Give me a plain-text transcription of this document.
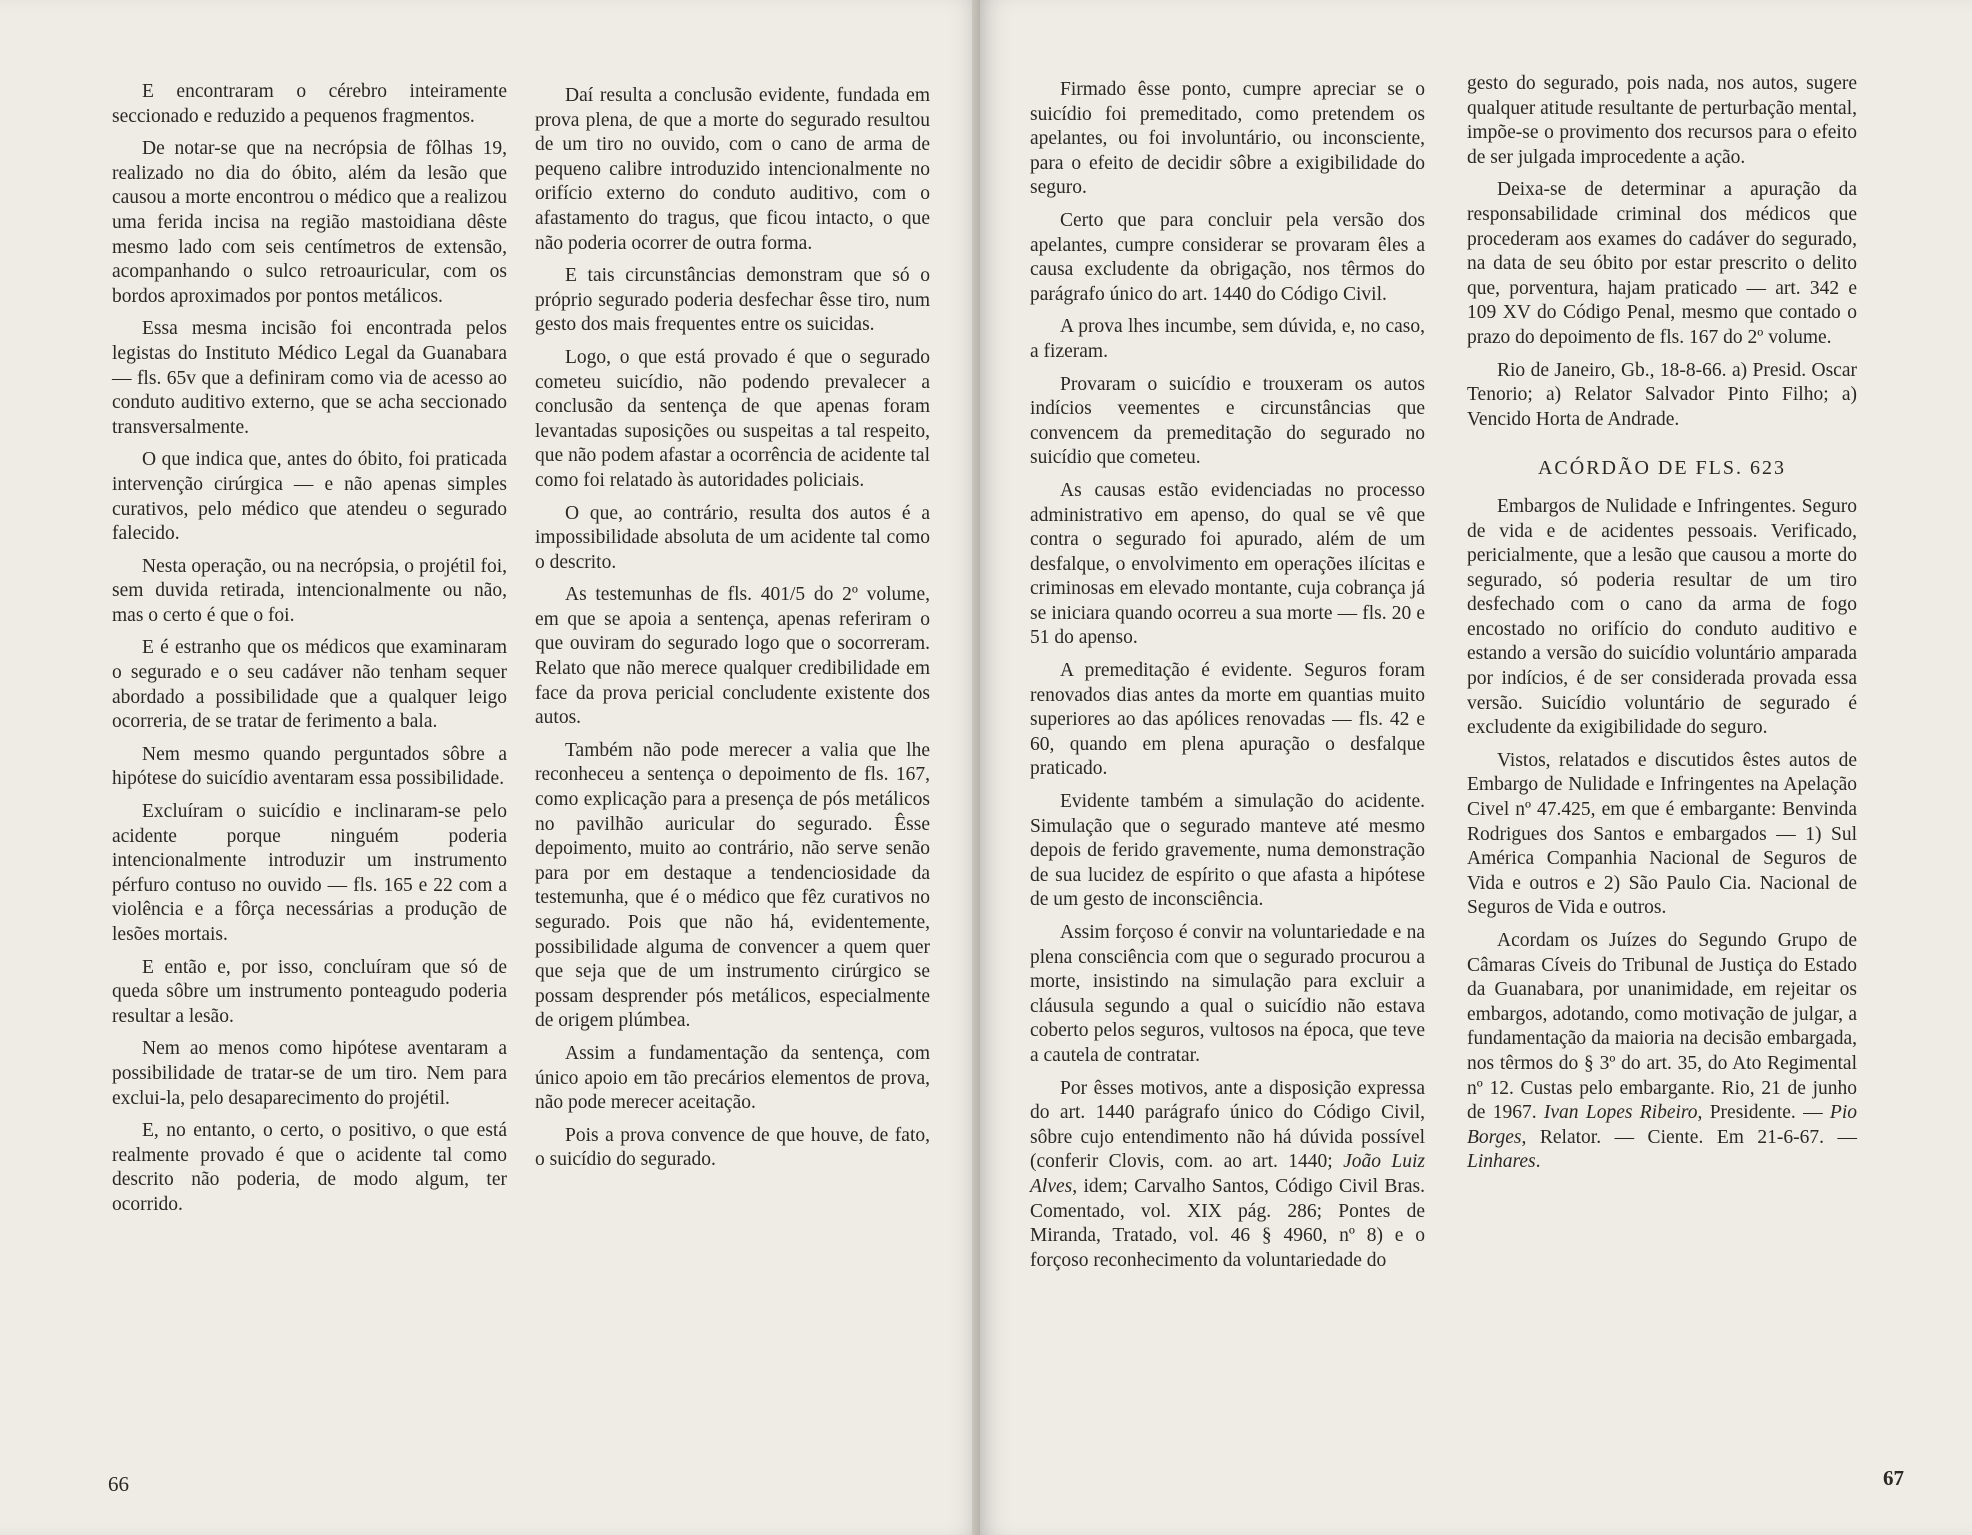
E encontraram o cérebro inteiramente seccionado e reduzido a pequenos fragmentos.

De notar-se que na necrópsia de fôlhas 19, realizado no dia do óbito, além da lesão que causou a morte encontrou o médico que a realizou uma ferida incisa na região mastoidiana dêste mesmo lado com seis centímetros de extensão, acompanhando o sulco retroauricular, com os bordos aproximados por pontos metálicos.

Essa mesma incisão foi encontrada pelos legistas do Instituto Médico Legal da Guanabara — fls. 65v que a definiram como via de acesso ao conduto auditivo externo, que se acha seccionado transversalmente.

O que indica que, antes do óbito, foi praticada intervenção cirúrgica — e não apenas simples curativos, pelo médico que atendeu o segurado falecido.

Nesta operação, ou na necrópsia, o projétil foi, sem duvida retirada, intencionalmente ou não, mas o certo é que o foi.

E é estranho que os médicos que examinaram o segurado e o seu cadáver não tenham sequer abordado a possibilidade que a qualquer leigo ocorreria, de se tratar de ferimento a bala.

Nem mesmo quando perguntados sôbre a hipótese do suicídio aventaram essa possibilidade.

Excluíram o suicídio e inclinaram-se pelo acidente porque ninguém poderia intencionalmente introduzir um instrumento pérfuro contuso no ouvido — fls. 165 e 22 com a violência e a fôrça necessárias a produção de lesões mortais.

E então e, por isso, concluíram que só de queda sôbre um instrumento ponteagudo poderia resultar a lesão.

Nem ao menos como hipótese aventaram a possibilidade de tratar-se de um tiro. Nem para exclui-la, pelo desaparecimento do projétil.

E, no entanto, o certo, o positivo, o que está realmente provado é que o acidente tal como descrito não poderia, de modo algum, ter ocorrido.

Daí resulta a conclusão evidente, fundada em prova plena, de que a morte do segurado resultou de um tiro no ouvido, com o cano de arma de pequeno calibre introduzido intencionalmente no orifício externo do conduto auditivo, com o afastamento do tragus, que ficou intacto, o que não poderia ocorrer de outra forma.

E tais circunstâncias demonstram que só o próprio segurado poderia desfechar êsse tiro, num gesto dos mais frequentes entre os suicidas.

Logo, o que está provado é que o segurado cometeu suicídio, não podendo prevalecer a conclusão da sentença de que apenas foram levantadas suposições ou suspeitas a tal respeito, que não podem afastar a ocorrência de acidente tal como foi relatado às autoridades policiais.

O que, ao contrário, resulta dos autos é a impossibilidade absoluta de um acidente tal como o descrito.

As testemunhas de fls. 401/5 do 2º volume, em que se apoia a sentença, apenas referiram o que ouviram do segurado logo que o socorreram. Relato que não merece qualquer credibilidade em face da prova pericial concludente existente dos autos.

Também não pode merecer a valia que lhe reconheceu a sentença o depoimento de fls. 167, como explicação para a presença de pós metálicos no pavilhão auricular do segurado. Êsse depoimento, muito ao contrário, não serve senão para por em destaque a tendenciosidade da testemunha, que é o médico que fêz curativos no segurado. Pois que não há, evidentemente, possibilidade alguma de convencer a quem quer que seja que de um instrumento cirúrgico se possam desprender pós metálicos, especialmente de origem plúmbea.

Assim a fundamentação da sentença, com único apoio em tão precários elementos de prova, não pode merecer aceitação.

Pois a prova convence de que houve, de fato, o suicídio do segurado.

66

Firmado êsse ponto, cumpre apreciar se o suicídio foi premeditado, como pretendem os apelantes, ou foi involuntário, ou inconsciente, para o efeito de decidir sôbre a exigibilidade do seguro.

Certo que para concluir pela versão dos apelantes, cumpre considerar se provaram êles a causa excludente da obrigação, nos têrmos do parágrafo único do art. 1440 do Código Civil.

A prova lhes incumbe, sem dúvida, e, no caso, a fizeram.

Provaram o suicídio e trouxeram os autos indícios veementes e circunstâncias que convencem da premeditação do segurado no suicídio que cometeu.

As causas estão evidenciadas no processo administrativo em apenso, do qual se vê que contra o segurado foi apurado, além de um desfalque, o envolvimento em operações ilícitas e criminosas em elevado montante, cuja cobrança já se iniciara quando ocorreu a sua morte — fls. 20 e 51 do apenso.

A premeditação é evidente. Seguros foram renovados dias antes da morte em quantias muito superiores ao das apólices renovadas — fls. 42 e 60, quando em plena apuração o desfalque praticado.

Evidente também a simulação do acidente. Simulação que o segurado manteve até mesmo depois de ferido gravemente, numa demonstração de sua lucidez de espírito o que afasta a hipótese de um gesto de inconsciência.

Assim forçoso é convir na voluntariedade e na plena consciência com que o segurado procurou a morte, insistindo na simulação para excluir a cláusula segundo a qual o suicídio não estava coberto pelos seguros, vultosos na época, que teve a cautela de contratar.

Por êsses motivos, ante a disposição expressa do art. 1440 parágrafo único do Código Civil, sôbre cujo entendimento não há dúvida possível (conferir Clovis, com. ao art. 1440; João Luiz Alves, idem; Carvalho Santos, Código Civil Bras. Comentado, vol. XIX pág. 286; Pontes de Miranda, Tratado, vol. 46 § 4960, nº 8) e o forçoso reconhecimento da voluntariedade do

gesto do segurado, pois nada, nos autos, sugere qualquer atitude resultante de perturbação mental, impõe-se o provimento dos recursos para o efeito de ser julgada improcedente a ação.

Deixa-se de determinar a apuração da responsabilidade criminal dos médicos que procederam aos exames do cadáver do segurado, na data de seu óbito por estar prescrito o delito que, porventura, hajam praticado — art. 342 e 109 XV do Código Penal, mesmo que contado o prazo do depoimento de fls. 167 do 2º volume.

Rio de Janeiro, Gb., 18-8-66. a) Presid. Oscar Tenorio; a) Relator Salvador Pinto Filho; a) Vencido Horta de Andrade.

ACÓRDÃO DE FLS. 623

Embargos de Nulidade e Infringentes. Seguro de vida e de acidentes pessoais. Verificado, pericialmente, que a lesão que causou a morte do segurado, só poderia resultar de um tiro desfechado com o cano da arma de fogo encostado no orifício do conduto auditivo e estando a versão do suicídio voluntário amparada por indícios, é de ser considerada provada essa versão. Suicídio voluntário de segurado é excludente da exigibilidade do seguro.

Vistos, relatados e discutidos êstes autos de Embargo de Nulidade e Infringentes na Apelação Civel nº 47.425, em que é embargante: Benvinda Rodrigues dos Santos e embargados — 1) Sul América Companhia Nacional de Seguros de Vida e outros e 2) São Paulo Cia. Nacional de Seguros de Vida e outros.

Acordam os Juízes do Segundo Grupo de Câmaras Cíveis do Tribunal de Justiça do Estado da Guanabara, por unanimidade, em rejeitar os embargos, adotando, como motivação de julgar, a fundamentação da maioria na decisão embargada, nos têrmos do § 3º do art. 35, do Ato Regimental nº 12. Custas pelo embargante. Rio, 21 de junho de 1967. Ivan Lopes Ribeiro, Presidente. — Pio Borges, Relator. — Ciente. Em 21-6-67. — Linhares.

67
